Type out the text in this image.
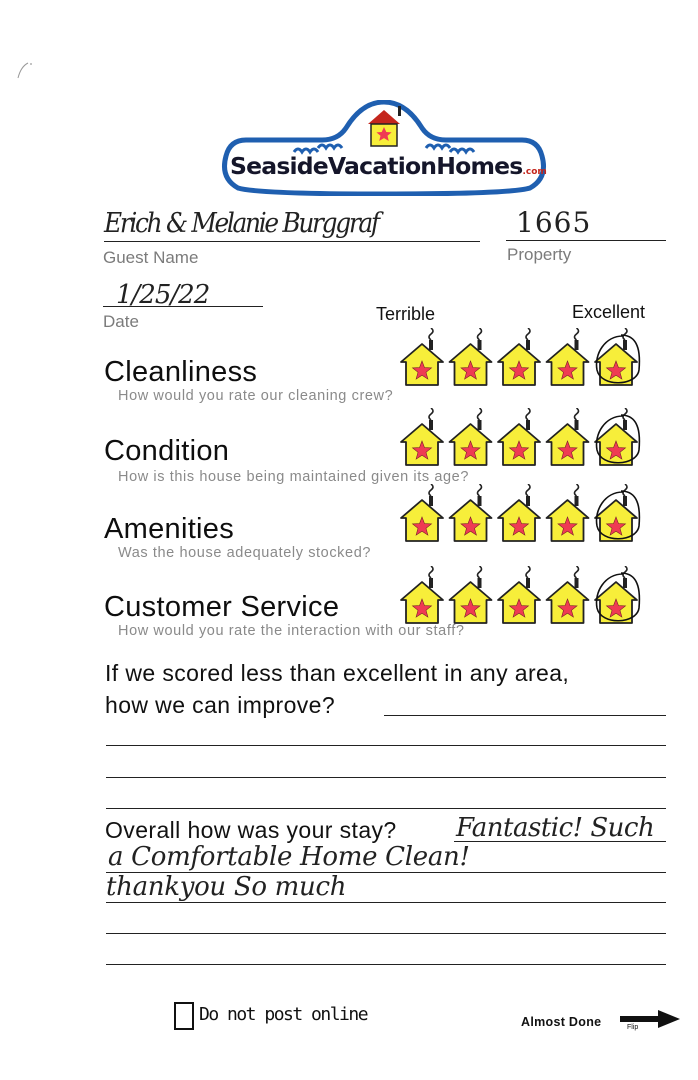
SeasideVacationHomes.com
Erich & Melanie Burggraf
Guest Name
1665
Property
1/25/22
Date	Terrible	Excellent
Cleanliness
How would you rate our cleaning crew?
Condition
How is this house being maintained given its age?
Amenities
Was the house adequately stocked?
Customer Service
How would you rate the interaction with our staff?
If we scored less than excellent in any area,
how we can improve?
Overall how was your stay? Fantastic! Such
a Comfortable Home Clean!
thankyou So much
Do not post online	Almost Done	Flip
